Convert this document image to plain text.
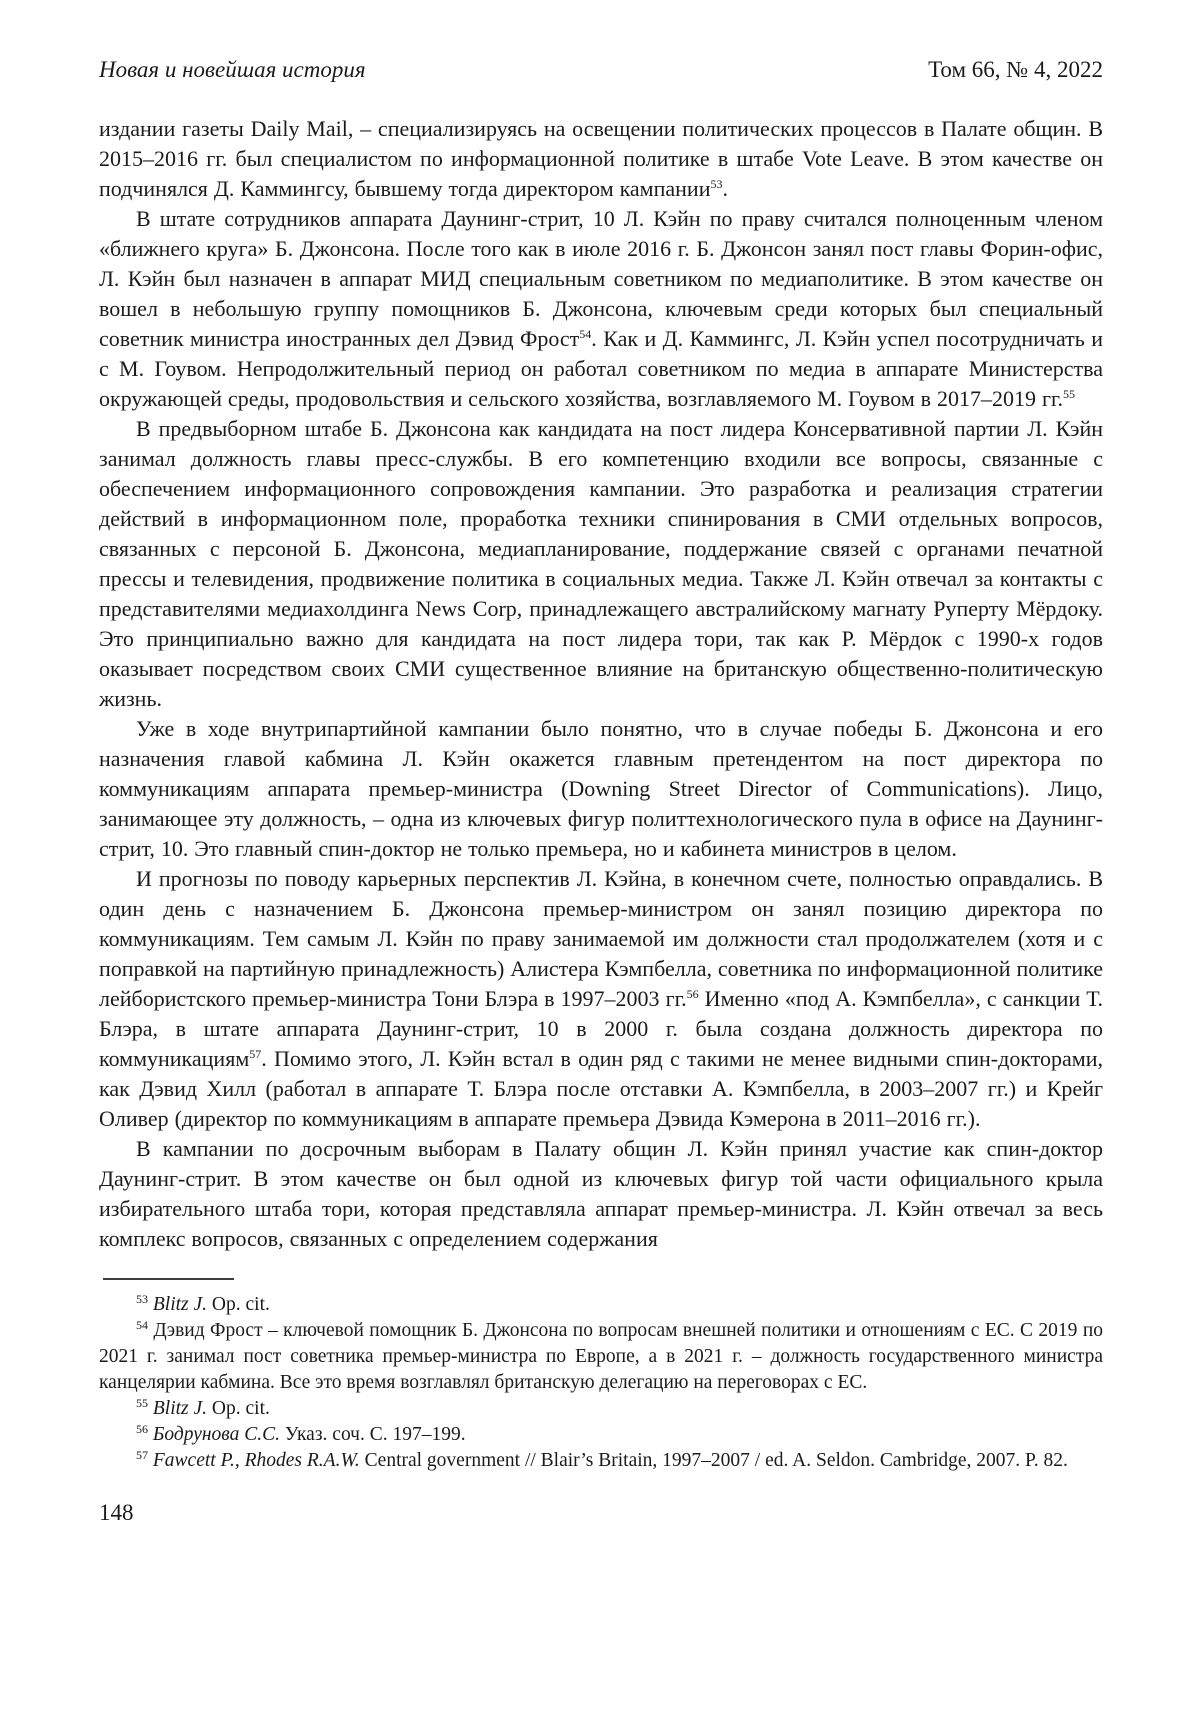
Новая и новейшая история	Том 66, № 4, 2022

издании газеты Daily Mail, – специализируясь на освещении политических процессов в Палате общин. В 2015–2016 гг. был специалистом по информационной политике в штабе Vote Leave. В этом качестве он подчинялся Д. Каммингсу, бывшему тогда директором кампании$^{53}$.

В штате сотрудников аппарата Даунинг-стрит, 10 Л. Кэйн по праву считался полноценным членом «ближнего круга» Б. Джонсона. После того как в июле 2016 г. Б. Джонсон занял пост главы Форин-офис, Л. Кэйн был назначен в аппарат МИД специальным советником по медиаполитике. В этом качестве он вошел в небольшую группу помощников Б. Джонсона, ключевым среди которых был специальный советник министра иностранных дел Дэвид Фрост$^{54}$. Как и Д. Каммингс, Л. Кэйн успел посотрудничать и с М. Гоувом. Непродолжительный период он работал советником по медиа в аппарате Министерства окружающей среды, продовольствия и сельского хозяйства, возглавляемого М. Гоувом в 2017–2019 гг.$^{55}$

В предвыборном штабе Б. Джонсона как кандидата на пост лидера Консервативной партии Л. Кэйн занимал должность главы пресс-службы. В его компетенцию входили все вопросы, связанные с обеспечением информационного сопровождения кампании. Это разработка и реализация стратегии действий в информационном поле, проработка техники спинирования в СМИ отдельных вопросов, связанных с персоной Б. Джонсона, медиапланирование, поддержание связей с органами печатной прессы и телевидения, продвижение политика в социальных медиа. Также Л. Кэйн отвечал за контакты с представителями медиахолдинга News Corp, принадлежащего австралийскому магнату Руперту Мёрдоку. Это принципиально важно для кандидата на пост лидера тори, так как Р. Мёрдок с 1990-х годов оказывает посредством своих СМИ существенное влияние на британскую общественно-политическую жизнь.

Уже в ходе внутрипартийной кампании было понятно, что в случае победы Б. Джонсона и его назначения главой кабмина Л. Кэйн окажется главным претендентом на пост директора по коммуникациям аппарата премьер-министра (Downing Street Director of Communications). Лицо, занимающее эту должность, – одна из ключевых фигур политтехнологического пула в офисе на Даунинг-стрит, 10. Это главный спин-доктор не только премьера, но и кабинета министров в целом.

И прогнозы по поводу карьерных перспектив Л. Кэйна, в конечном счете, полностью оправдались. В один день с назначением Б. Джонсона премьер-министром он занял позицию директора по коммуникациям. Тем самым Л. Кэйн по праву занимаемой им должности стал продолжателем (хотя и с поправкой на партийную принадлежность) Алистера Кэмпбелла, советника по информационной политике лейбористского премьер-министра Тони Блэра в 1997–2003 гг.$^{56}$ Именно «под А. Кэмпбелла», с санкции Т. Блэра, в штате аппарата Даунинг-стрит, 10 в 2000 г. была создана должность директора по коммуникациям$^{57}$. Помимо этого, Л. Кэйн встал в один ряд с такими не менее видными спин-докторами, как Дэвид Хилл (работал в аппарате Т. Блэра после отставки А. Кэмпбелла, в 2003–2007 гг.) и Крейг Оливер (директор по коммуникациям в аппарате премьера Дэвида Кэмерона в 2011–2016 гг.).

В кампании по досрочным выборам в Палату общин Л. Кэйн принял участие как спин-доктор Даунинг-стрит. В этом качестве он был одной из ключевых фигур той части официального крыла избирательного штаба тори, которая представляла аппарат премьер-министра. Л. Кэйн отвечал за весь комплекс вопросов, связанных с определением содержания

$^{53}$ Blitz J. Op. cit.

$^{54}$ Дэвид Фрост – ключевой помощник Б. Джонсона по вопросам внешней политики и отношениям с ЕС. С 2019 по 2021 г. занимал пост советника премьер-министра по Европе, а в 2021 г. – должность государственного министра канцелярии кабмина. Все это время возглавлял британскую делегацию на переговорах с ЕС.

$^{55}$ Blitz J. Op. cit.

$^{56}$ Бодрунова С.С. Указ. соч. С. 197–199.

$^{57}$ Fawcett P., Rhodes R.A.W. Central government // Blair’s Britain, 1997–2007 / ed. A. Seldon. Cambridge, 2007. P. 82.

148
